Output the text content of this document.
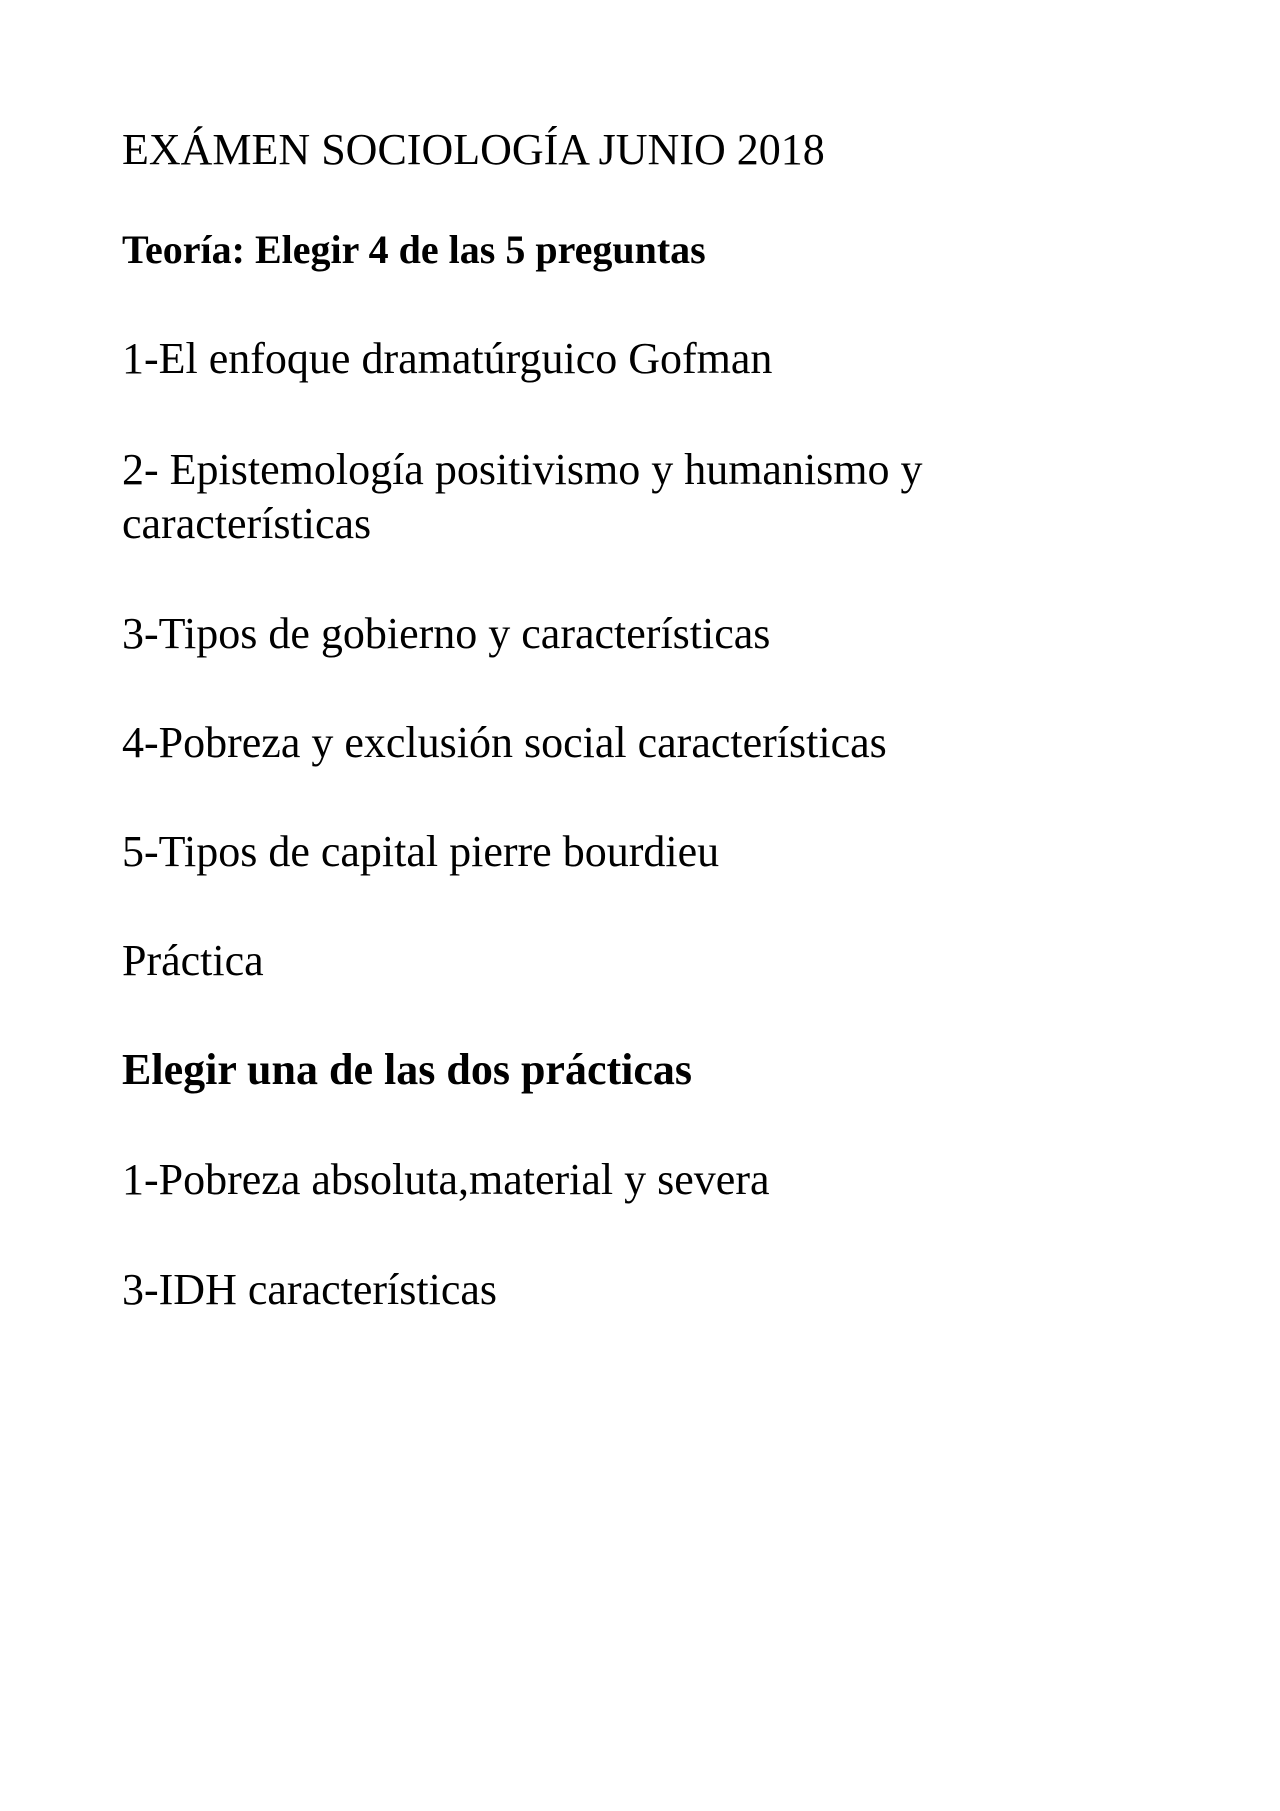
EXÁMEN SOCIOLOGÍA JUNIO 2018

Teoría: Elegir 4 de las 5 preguntas

1-El enfoque dramatúrguico Gofman

2- Epistemología positivismo y humanismo y

características

3-Tipos de gobierno y características

4-Pobreza y exclusión social características

5-Tipos de capital pierre bourdieu

Práctica

Elegir una de las dos prácticas

1-Pobreza absoluta,material y severa

3-IDH características
